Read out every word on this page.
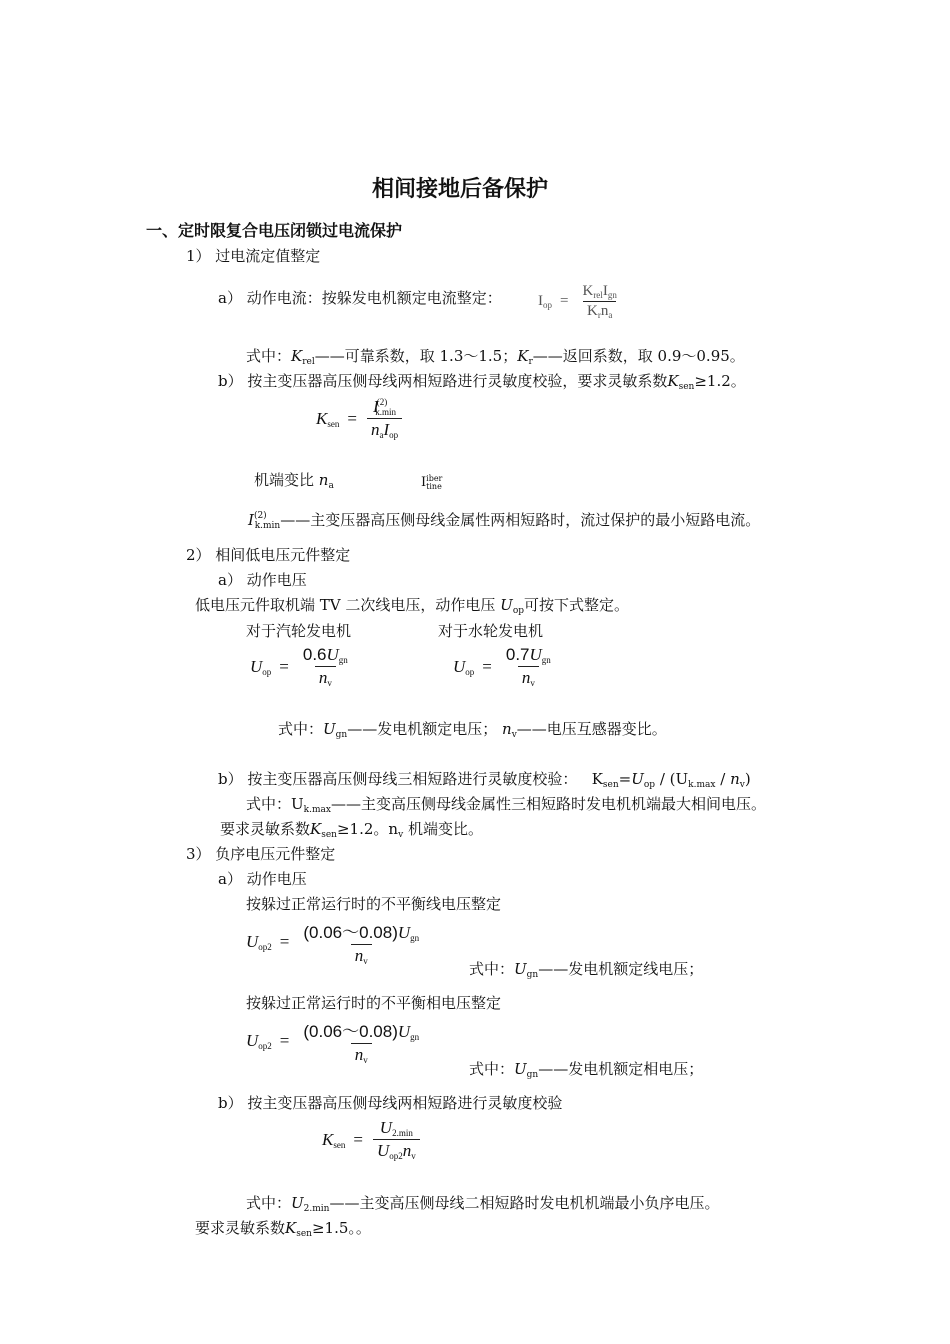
相间接地后备保护
一、定时限复合电压闭锁过电流保护
1） 过电流定值整定
a） 动作电流：按躲发电机额定电流整定： $I_{op} = \frac{K_{rel}I_{gn}}{K_rn_a}$
式中：$K_{rel}——$可靠系数，取 1.3～1.5；$K_r——$返回系数，取 0.9～0.95。
b） 按主变压器高压侧母线两相短路进行灵敏度校验，要求灵敏系数$K_{sen}\ge 1.2$。
$K_{sen} = \frac{I^{(2)}_{k.min}}{n_aI_{op}}$
机端变比 $n_a$	Iiber
tine
$I^{(2)}_{k.min}——$主变压器高压侧母线金属性两相短路时，流过保护的最小短路电流。
2） 相间低电压元件整定
a） 动作电压
低电压元件取机端 TV 二次线电压，动作电压 $U_{op}$可按下式整定。
对于汽轮发电机	对于水轮发电机
$U_{op} = \frac{0.6U_{gn}}{n_v}$	$U_{op} = \frac{0.7U_{gn}}{n_v}$
式中：$U_{gn}——$发电机额定电压； $n_v——$电压互感器变比。
b） 按主变压器高压侧母线三相短路进行灵敏度校验： $K_{sen}=U_{op} / (U_{k.max} / n_v)$
式中：$U_{k.max}——$主变高压侧母线金属性三相短路时发电机机端最大相间电压。
要求灵敏系数$K_{sen}\ge 1.2$。$n_v$ 机端变比。
3） 负序电压元件整定
a） 动作电压
按躲过正常运行时的不平衡线电压整定
$U_{op2} = \frac{(0.06\sim 0.08)U_{gn}}{n_v}$
式中：$U_{gn}——$发电机额定线电压；
按躲过正常运行时的不平衡相电压整定
$U_{op2} = \frac{(0.06\sim 0.08)U_{gn}}{n_v}$
式中：$U_{gn}——$发电机额定相电压；
b） 按主变压器高压侧母线两相短路进行灵敏度校验
$K_{sen} = \frac{U_{2.min}}{U_{op2}n_v}$
式中：$U_{2.min}——$主变高压侧母线二相短路时发电机机端最小负序电压。
要求灵敏系数$K_{sen}\ge 1.5$。。
